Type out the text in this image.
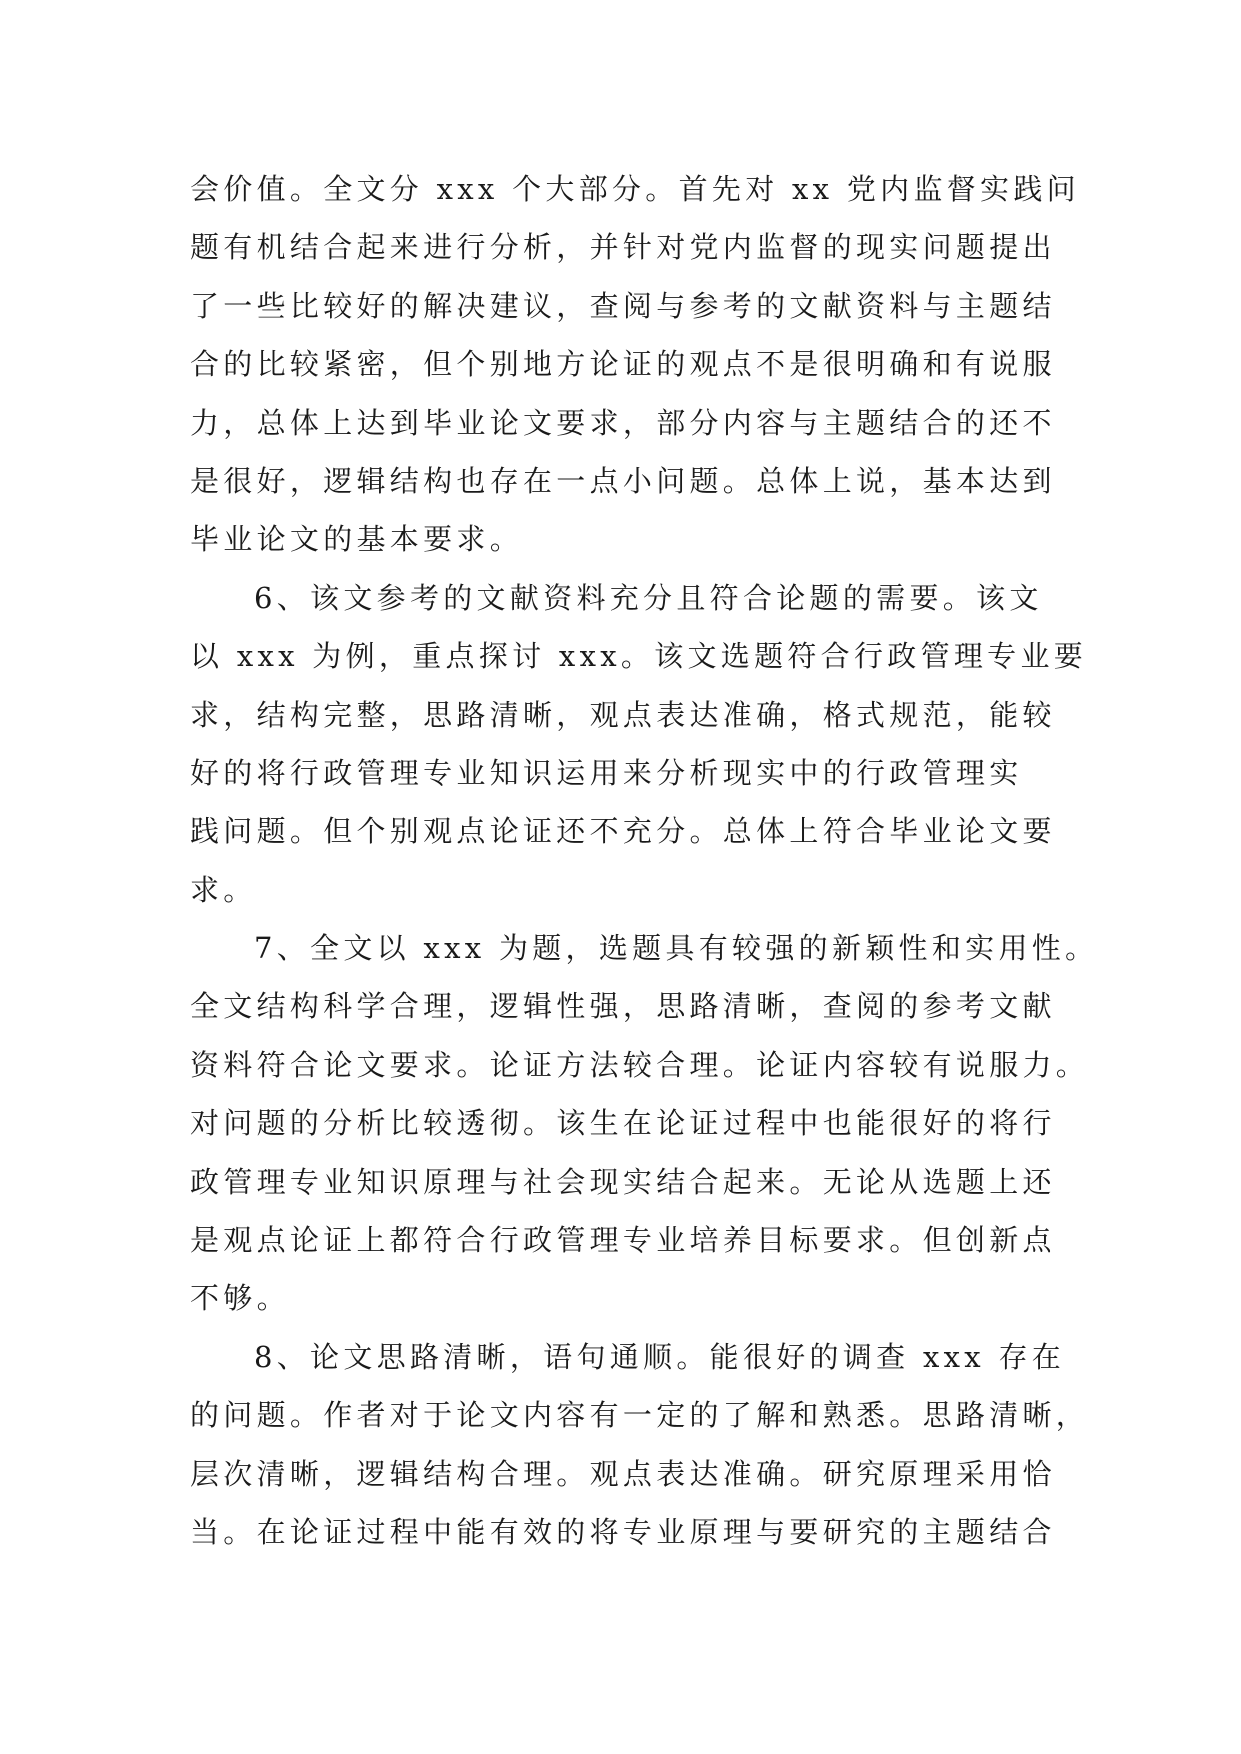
会价值。全文分 xxx 个大部分。首先对 xx 党内监督实践问
题有机结合起来进行分析，并针对党内监督的现实问题提出
了一些比较好的解决建议，查阅与参考的文献资料与主题结
合的比较紧密，但个别地方论证的观点不是很明确和有说服
力，总体上达到毕业论文要求，部分内容与主题结合的还不
是很好，逻辑结构也存在一点小问题。总体上说，基本达到
毕业论文的基本要求。
6、该文参考的文献资料充分且符合论题的需要。该文
以 xxx 为例，重点探讨 xxx。该文选题符合行政管理专业要
求，结构完整，思路清晰，观点表达准确，格式规范，能较
好的将行政管理专业知识运用来分析现实中的行政管理实
践问题。但个别观点论证还不充分。总体上符合毕业论文要
求。
7、全文以 xxx 为题，选题具有较强的新颖性和实用性。
全文结构科学合理，逻辑性强，思路清晰，查阅的参考文献
资料符合论文要求。论证方法较合理。论证内容较有说服力。
对问题的分析比较透彻。该生在论证过程中也能很好的将行
政管理专业知识原理与社会现实结合起来。无论从选题上还
是观点论证上都符合行政管理专业培养目标要求。但创新点
不够。
8、论文思路清晰，语句通顺。能很好的调查 xxx 存在
的问题。作者对于论文内容有一定的了解和熟悉。思路清晰，
层次清晰，逻辑结构合理。观点表达准确。研究原理采用恰
当。在论证过程中能有效的将专业原理与要研究的主题结合
